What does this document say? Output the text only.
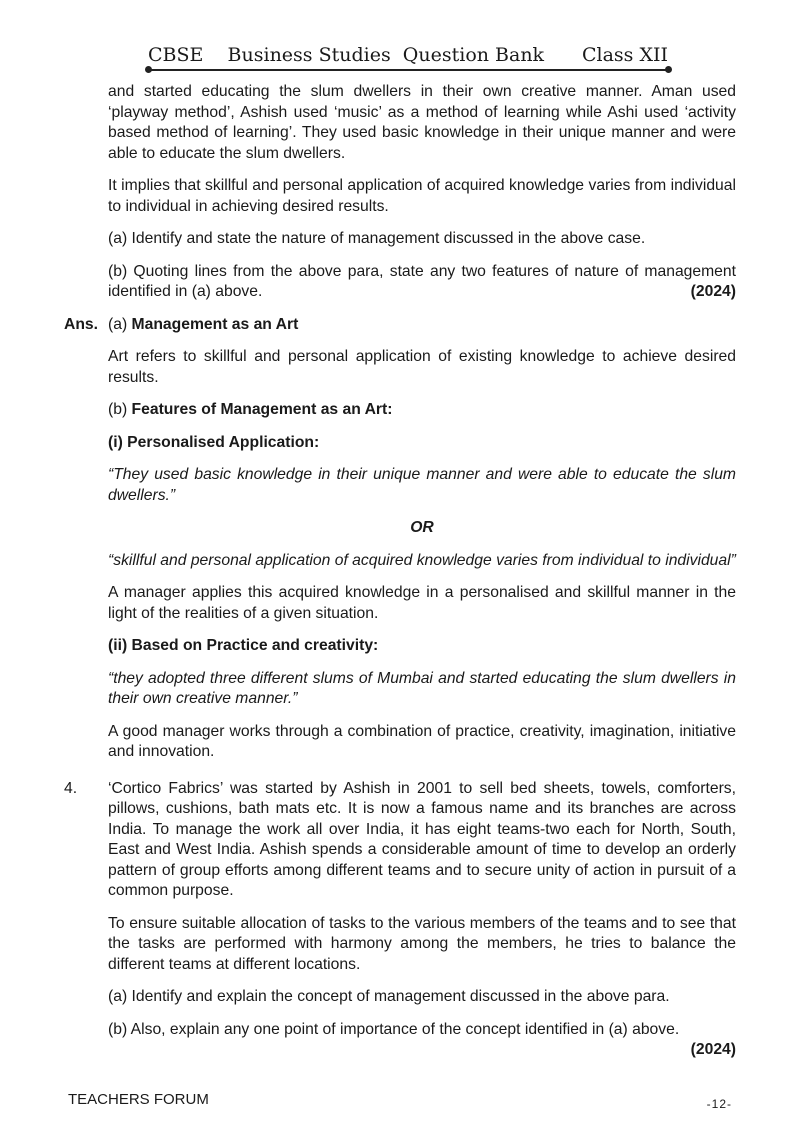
CBSE    Business Studies  Question Bank Class XII

and started educating the slum dwellers in their own creative manner. Aman used ‘playway method’, Ashish used ‘music’ as a method of learning while Ashi used ‘activity based method of learning’. They used basic knowledge in their unique manner and were able to educate the slum dwellers.

It implies that skillful and personal application of acquired knowledge varies from individual to individual in achieving desired results.

(a) Identify and state the nature of management discussed in the above case.

(b) Quoting lines from the above para, state any two features of nature of management identified in (a) above.	(2024)
Ans. (a) Management as an Art

Art refers to skillful and personal application of existing knowledge to achieve desired results.

(b) Features of Management as an Art:

(i) Personalised Application:

“They used basic knowledge in their unique manner and were able to educate the slum dwellers.”

OR

“skillful and personal application of acquired knowledge varies from individual to individual”

A manager applies this acquired knowledge in a personalised and skillful manner in the light of the realities of a given situation.

(ii) Based on Practice and creativity:

“they adopted three different slums of Mumbai and started educating the slum dwellers in their own creative manner.”

A good manager works through a combination of practice, creativity, imagination, initiative and innovation.

4. ‘Cortico Fabrics’ was started by Ashish in 2001 to sell bed sheets, towels, comforters, pillows, cushions, bath mats etc. It is now a famous name and its branches are across India. To manage the work all over India, it has eight teams-two each for North, South, East and West India. Ashish spends a considerable amount of time to develop an orderly pattern of group efforts among different teams and to secure unity of action in pursuit of a common purpose.

To ensure suitable allocation of tasks to the various members of the teams and to see that the tasks are performed with harmony among the members, he tries to balance the different teams at different locations.

(a) Identify and explain the concept of management discussed in the above para.

(b) Also, explain any one point of importance of the concept identified in (a) above.

(2024)
TEACHERS FORUM	-12-
